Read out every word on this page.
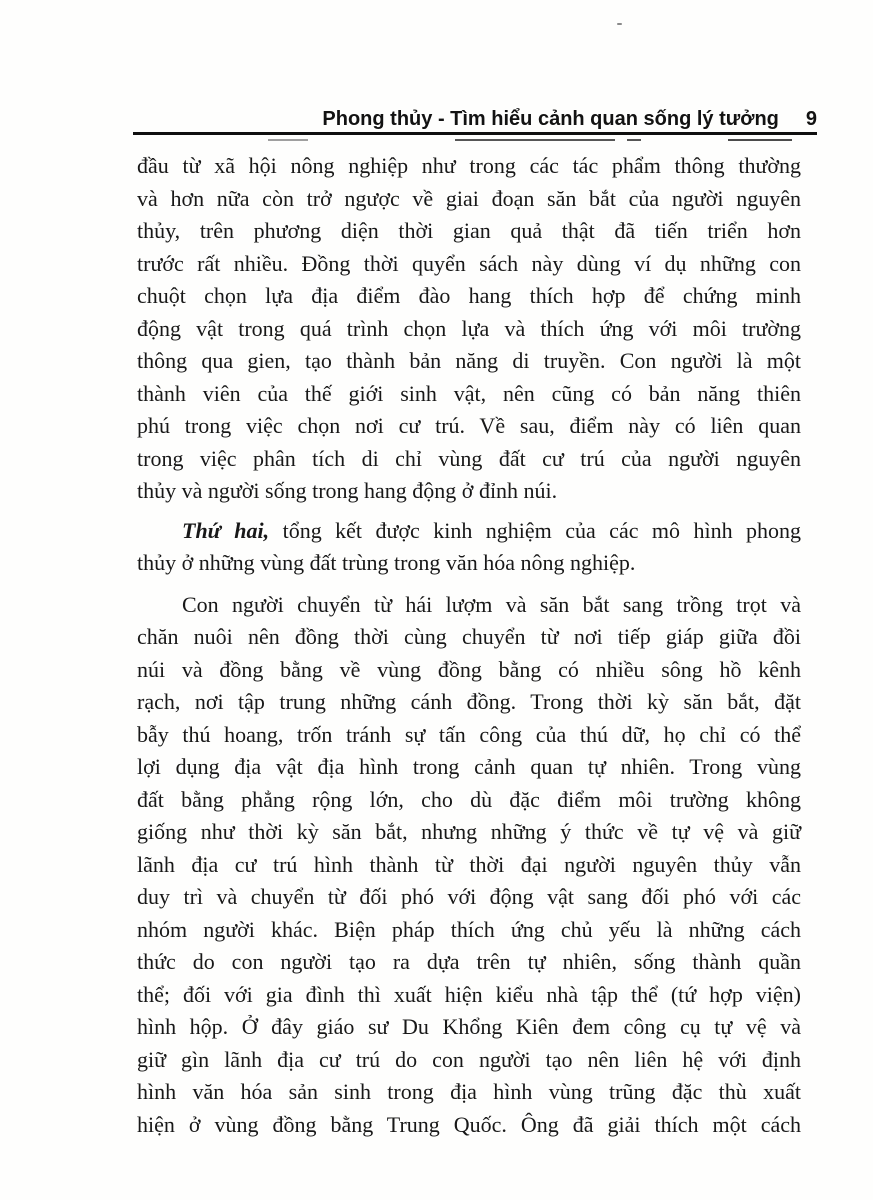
Phong thủy - Tìm hiểu cảnh quan sống lý tưởng 9

đầu từ xã hội nông nghiệp như trong các tác phẩm thông thường
và hơn nữa còn trở ngược về giai đoạn săn bắt của người nguyên
thủy, trên phương diện thời gian quả thật đã tiến triển hơn
trước rất nhiều. Đồng thời quyển sách này dùng ví dụ những con
chuột chọn lựa địa điểm đào hang thích hợp để chứng minh
động vật trong quá trình chọn lựa và thích ứng với môi trường
thông qua gien, tạo thành bản năng di truyền. Con người là một
thành viên của thế giới sinh vật, nên cũng có bản năng thiên
phú trong việc chọn nơi cư trú. Về sau, điểm này có liên quan
trong việc phân tích di chỉ vùng đất cư trú của người nguyên
thủy và người sống trong hang động ở đỉnh núi.

Thứ hai, tổng kết được kinh nghiệm của các mô hình phong
thủy ở những vùng đất trùng trong văn hóa nông nghiệp.

Con người chuyển từ hái lượm và săn bắt sang trồng trọt và
chăn nuôi nên đồng thời cùng chuyển từ nơi tiếp giáp giữa đồi
núi và đồng bằng về vùng đồng bằng có nhiều sông hồ kênh
rạch, nơi tập trung những cánh đồng. Trong thời kỳ săn bắt, đặt
bẫy thú hoang, trốn tránh sự tấn công của thú dữ, họ chỉ có thể
lợi dụng địa vật địa hình trong cảnh quan tự nhiên. Trong vùng
đất bằng phẳng rộng lớn, cho dù đặc điểm môi trường không
giống như thời kỳ săn bắt, nhưng những ý thức về tự vệ và giữ
lãnh địa cư trú hình thành từ thời đại người nguyên thủy vẫn
duy trì và chuyển từ đối phó với động vật sang đối phó với các
nhóm người khác. Biện pháp thích ứng chủ yếu là những cách
thức do con người tạo ra dựa trên tự nhiên, sống thành quần
thể; đối với gia đình thì xuất hiện kiểu nhà tập thể (tứ hợp viện)
hình hộp. Ở đây giáo sư Du Khổng Kiên đem công cụ tự vệ và
giữ gìn lãnh địa cư trú do con người tạo nên liên hệ với định
hình văn hóa sản sinh trong địa hình vùng trũng đặc thù xuất
hiện ở vùng đồng bằng Trung Quốc. Ông đã giải thích một cách
